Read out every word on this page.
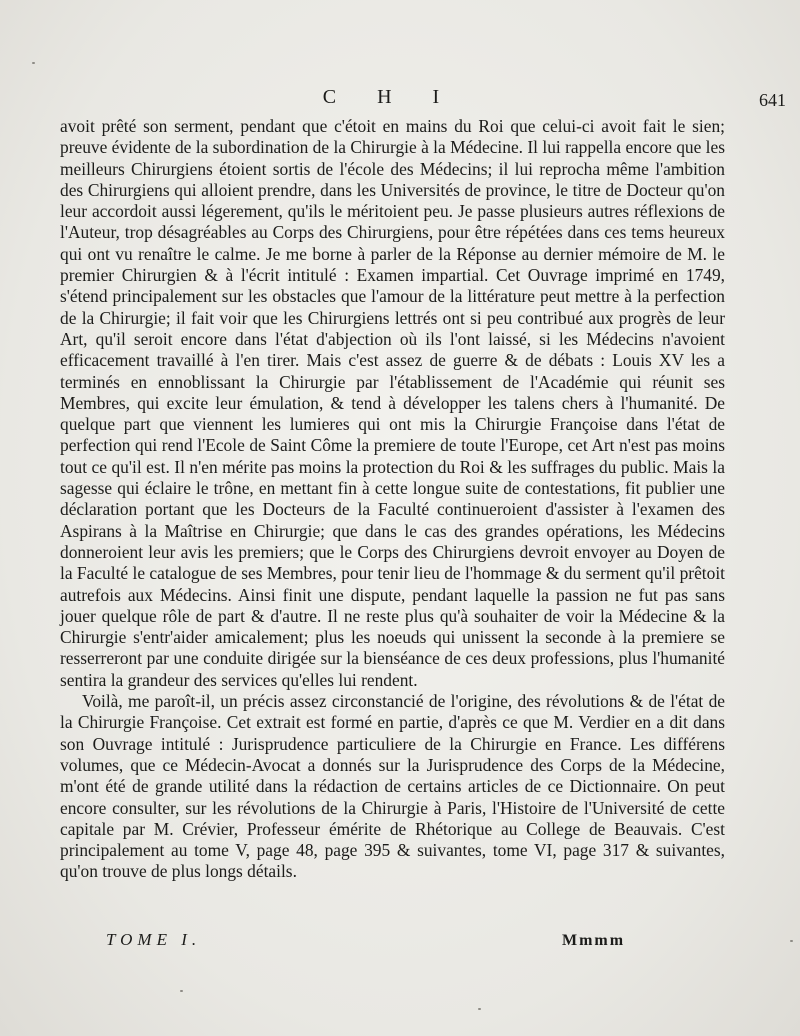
C H I	641

avoit prêté son serment, pendant que c'étoit en mains du Roi que celui-ci avoit fait le sien; preuve évidente de la subordination de la Chirurgie à la Médecine. Il lui rappella encore que les meilleurs Chirurgiens étoient sortis de l'école des Médecins; il lui reprocha même l'ambition des Chirurgiens qui alloient prendre, dans les Universités de province, le titre de Docteur qu'on leur accordoit aussi légerement, qu'ils le méritoient peu. Je passe plusieurs autres réflexions de l'Auteur, trop désagréables au Corps des Chirurgiens, pour être répétées dans ces tems heureux qui ont vu renaître le calme. Je me borne à parler de la Réponse au dernier mémoire de M. le premier Chirurgien & à l'écrit intitulé : Examen impartial. Cet Ouvrage imprimé en 1749, s'étend principalement sur les obstacles que l'amour de la littérature peut mettre à la perfection de la Chirurgie; il fait voir que les Chirurgiens lettrés ont si peu contribué aux progrès de leur Art, qu'il seroit encore dans l'état d'abjection où ils l'ont laissé, si les Médecins n'avoient efficacement travaillé à l'en tirer. Mais c'est assez de guerre & de débats : Louis XV les a terminés en ennoblissant la Chirurgie par l'établissement de l'Académie qui réunit ses Membres, qui excite leur émulation, & tend à développer les talens chers à l'humanité. De quelque part que viennent les lumieres qui ont mis la Chirurgie Françoise dans l'état de perfection qui rend l'Ecole de Saint Côme la premiere de toute l'Europe, cet Art n'est pas moins tout ce qu'il est. Il n'en mérite pas moins la protection du Roi & les suffrages du public. Mais la sagesse qui éclaire le trône, en mettant fin à cette longue suite de contestations, fit publier une déclaration portant que les Docteurs de la Faculté continueroient d'assister à l'examen des Aspirans à la Maîtrise en Chirurgie; que dans le cas des grandes opérations, les Médecins donneroient leur avis les premiers; que le Corps des Chirurgiens devroit envoyer au Doyen de la Faculté le catalogue de ses Membres, pour tenir lieu de l'hommage & du serment qu'il prêtoit autrefois aux Médecins. Ainsi finit une dispute, pendant laquelle la passion ne fut pas sans jouer quelque rôle de part & d'autre. Il ne reste plus qu'à souhaiter de voir la Médecine & la Chirurgie s'entr'aider amicalement; plus les noeuds qui unissent la seconde à la premiere se resserreront par une conduite dirigée sur la bienséance de ces deux professions, plus l'humanité sentira la grandeur des services qu'elles lui rendent.

Voilà, me paroît-il, un précis assez circonstancié de l'origine, des révolutions & de l'état de la Chirurgie Françoise. Cet extrait est formé en partie, d'après ce que M. Verdier en a dit dans son Ouvrage intitulé : Jurisprudence particuliere de la Chirurgie en France. Les différens volumes, que ce Médecin-Avocat a donnés sur la Jurisprudence des Corps de la Médecine, m'ont été de grande utilité dans la rédaction de certains articles de ce Dictionnaire. On peut encore consulter, sur les révolutions de la Chirurgie à Paris, l'Histoire de l'Université de cette capitale par M. Crévier, Professeur émérite de Rhétorique au College de Beauvais. C'est principalement au tome V, page 48, page 395 & suivantes, tome VI, page 317 & suivantes, qu'on trouve de plus longs détails.

TOME I.	Mmmm
